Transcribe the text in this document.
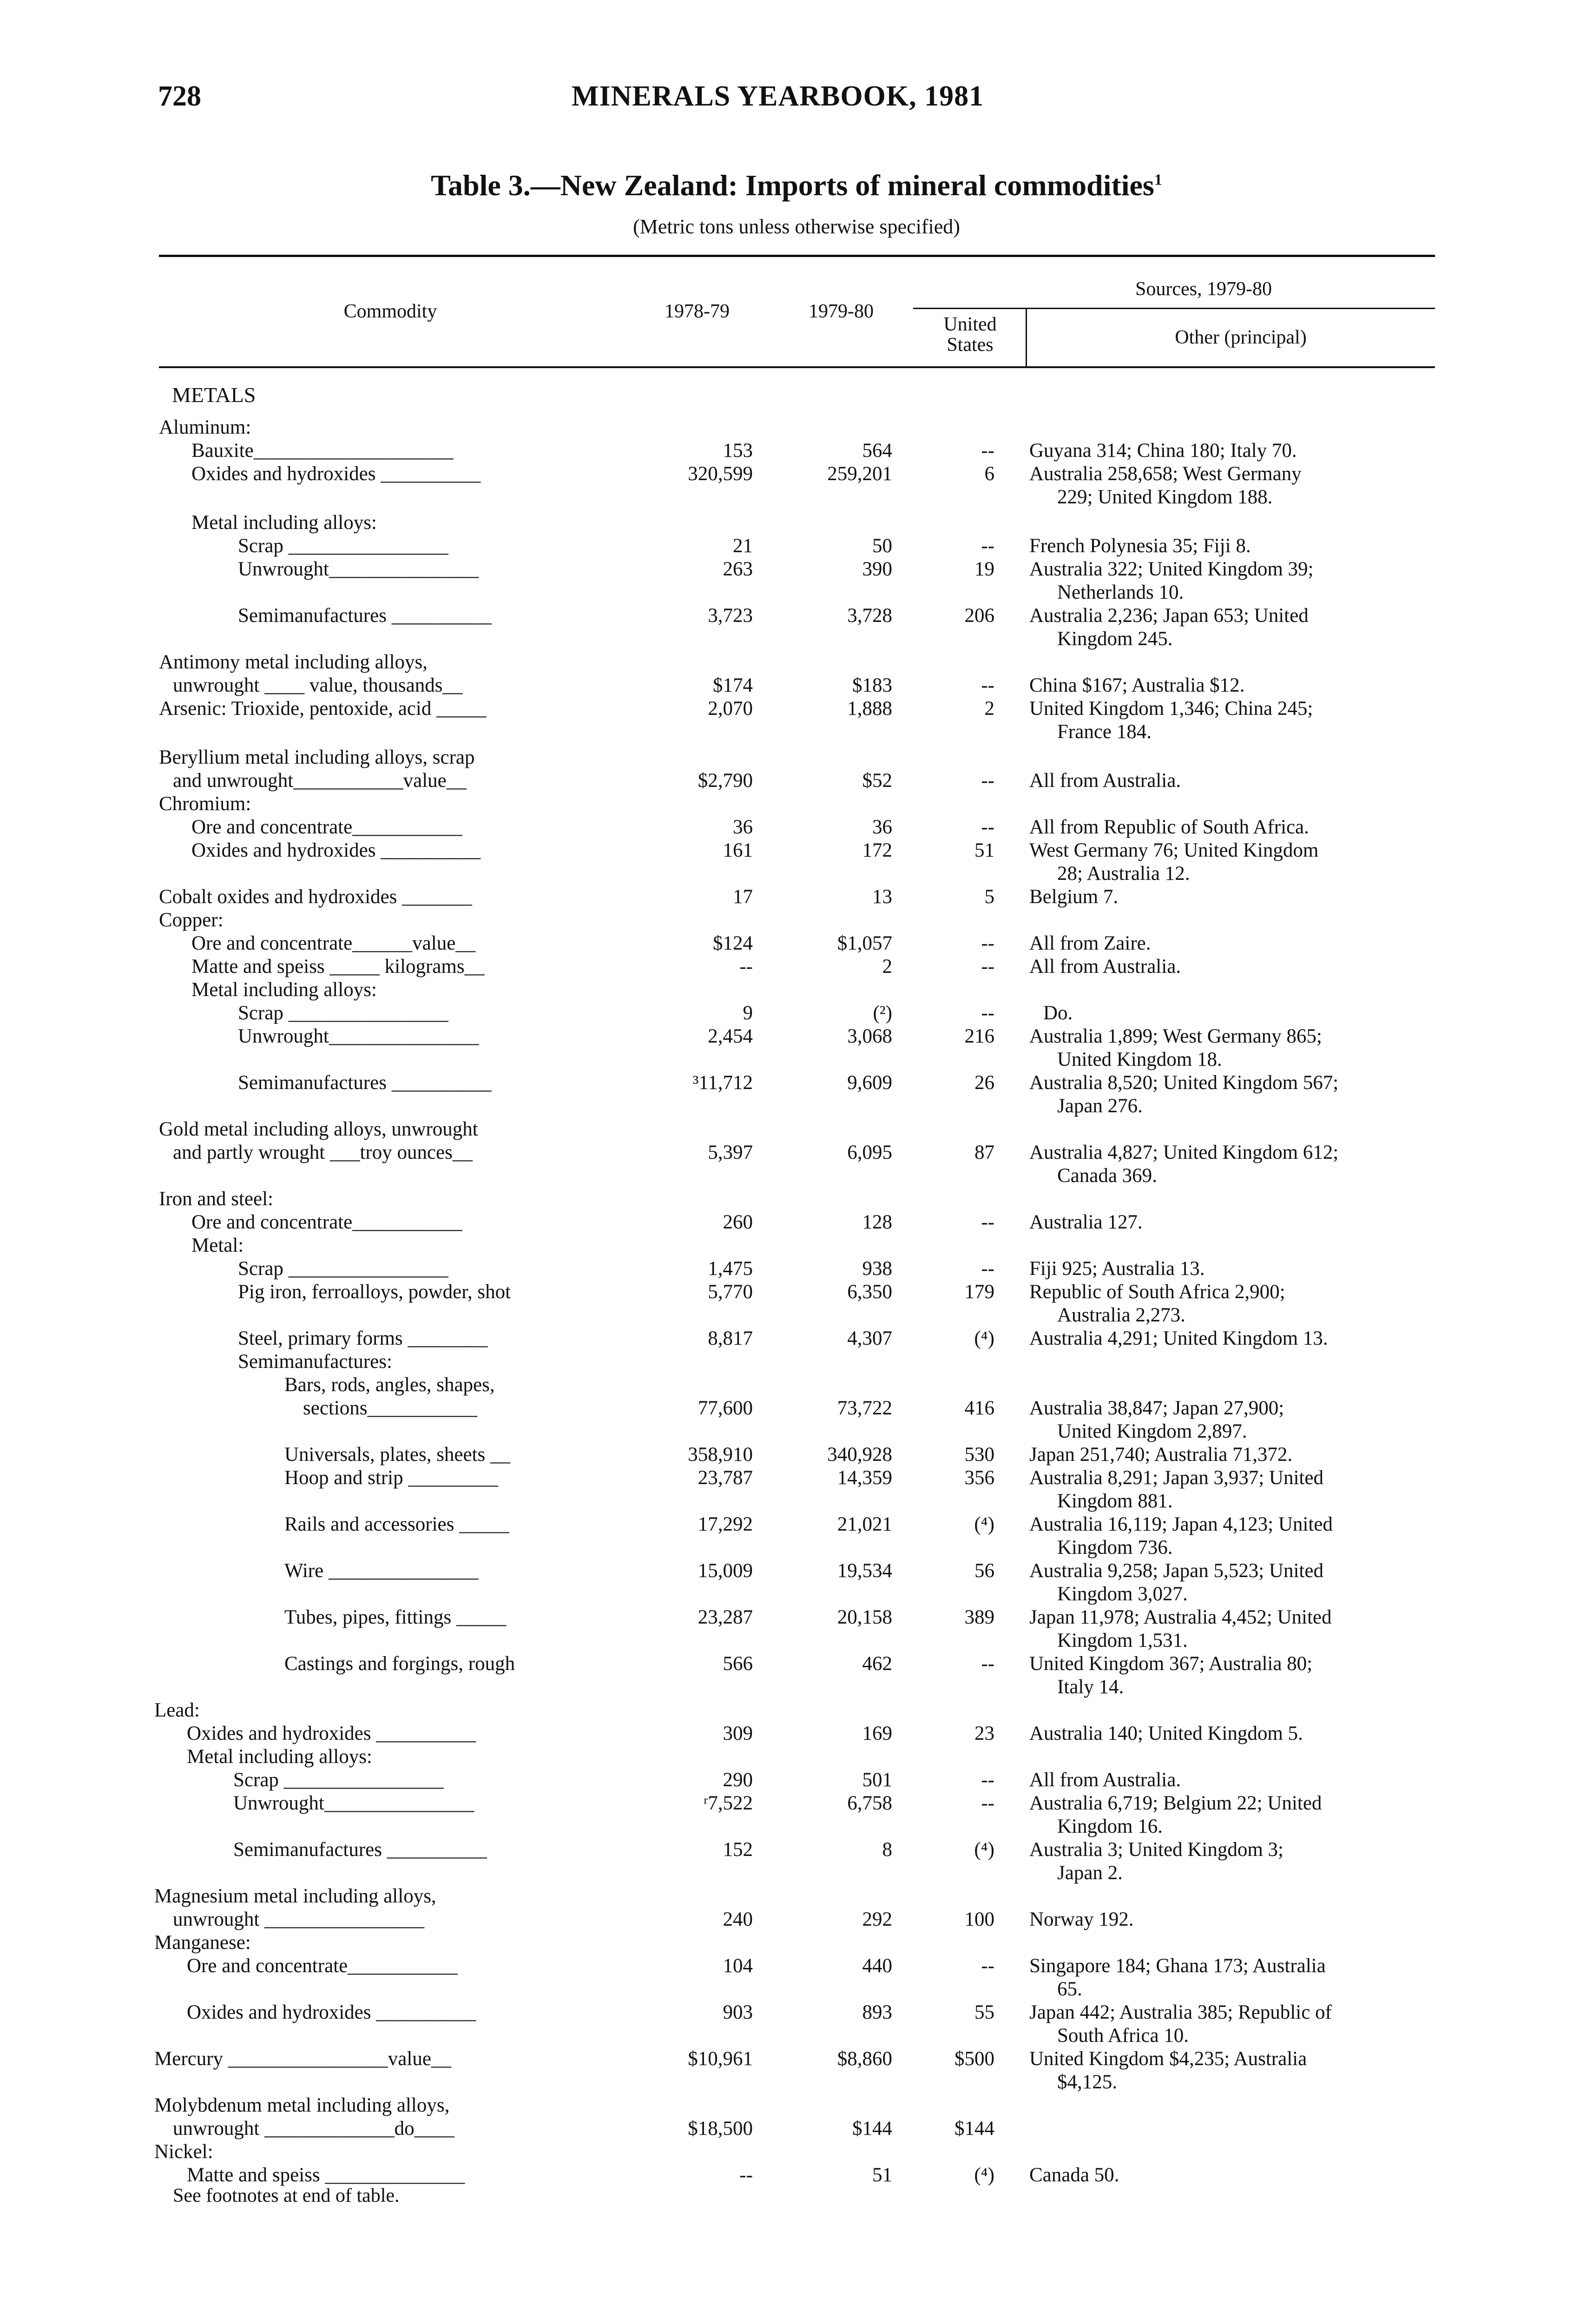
728	MINERALS YEARBOOK, 1981
Table 3.—New Zealand: Imports of mineral commodities$^1$
(Metric tons unless otherwise specified)
Commodity	1978-79	1979-80
Sources, 1979-80
United
States	Other (principal)
METALS
Aluminum:
Bauxite____________________	153	564	-- Guyana 314; China 180; Italy 70.
Oxides and hydroxides __________	320,599	259,201	6 Australia 258,658; West Germany
229; United Kingdom 188.
Metal including alloys:
Scrap ________________	21	50	-- French Polynesia 35; Fiji 8.
Unwrought_______________	263	390	19 Australia 322; United Kingdom 39;
Netherlands 10.
Semimanufactures __________	3,723	3,728	206 Australia 2,236; Japan 653; United
Kingdom 245.
Antimony metal including alloys,
unwrought ____ value, thousands__	$174	$183	-- China $167; Australia $12.
Arsenic: Trioxide, pentoxide, acid _____	2,070	1,888	2 United Kingdom 1,346; China 245;
France 184.
Beryllium metal including alloys, scrap
and unwrought___________value__	$2,790	$52	-- All from Australia.
Chromium:
Ore and concentrate___________	36	36	-- All from Republic of South Africa.
Oxides and hydroxides __________	161	172	51 West Germany 76; United Kingdom
28; Australia 12.
Cobalt oxides and hydroxides _______	17	13	5 Belgium 7.
Copper:
Ore and concentrate______value__	$124	$1,057	-- All from Zaire.
Matte and speiss _____ kilograms__	--	2	-- All from Australia.
Metal including alloys:
Scrap ________________	9	(²)	-- Do.
Unwrought_______________	2,454	3,068	216 Australia 1,899; West Germany 865;
United Kingdom 18.
Semimanufactures __________	³11,712	9,609	26 Australia 8,520; United Kingdom 567;
Japan 276.
Gold metal including alloys, unwrought
and partly wrought ___troy ounces__	5,397	6,095	87 Australia 4,827; United Kingdom 612;
Canada 369.
Iron and steel:
Ore and concentrate___________	260	128	-- Australia 127.
Metal:
Scrap ________________	1,475	938	-- Fiji 925; Australia 13.
Pig iron, ferroalloys, powder, shot	5,770	6,350	179 Republic of South Africa 2,900;
Australia 2,273.
Steel, primary forms ________	8,817	4,307	(⁴) Australia 4,291; United Kingdom 13.
Semimanufactures:
Bars, rods, angles, shapes,
sections___________	77,600	73,722	416 Australia 38,847; Japan 27,900;
United Kingdom 2,897.
Universals, plates, sheets __	358,910	340,928	530 Japan 251,740; Australia 71,372.
Hoop and strip _________	23,787	14,359	356 Australia 8,291; Japan 3,937; United
Kingdom 881.
Rails and accessories _____	17,292	21,021	(⁴) Australia 16,119; Japan 4,123; United
Kingdom 736.
Wire _______________	15,009	19,534	56 Australia 9,258; Japan 5,523; United
Kingdom 3,027.
Tubes, pipes, fittings _____	23,287	20,158	389 Japan 11,978; Australia 4,452; United
Kingdom 1,531.
Castings and forgings, rough	566	462	-- United Kingdom 367; Australia 80;
Italy 14.
Lead:
Oxides and hydroxides __________	309	169	23 Australia 140; United Kingdom 5.
Metal including alloys:
Scrap ________________	290	501	-- All from Australia.
Unwrought_______________	ʳ7,522	6,758	-- Australia 6,719; Belgium 22; United
Kingdom 16.
Semimanufactures __________	152	8	(⁴) Australia 3; United Kingdom 3;
Japan 2.
Magnesium metal including alloys,
unwrought ________________	240	292	100 Norway 192.
Manganese:
Ore and concentrate___________	104	440	-- Singapore 184; Ghana 173; Australia
65.
Oxides and hydroxides __________	903	893	55 Japan 442; Australia 385; Republic of
South Africa 10.
Mercury ________________value__	$10,961	$8,860	$500 United Kingdom $4,235; Australia
$4,125.
Molybdenum metal including alloys,
unwrought _____________do____	$18,500	$144	$144
Nickel:
Matte and speiss ______________	--	51	(⁴) Canada 50.
See footnotes at end of table.
